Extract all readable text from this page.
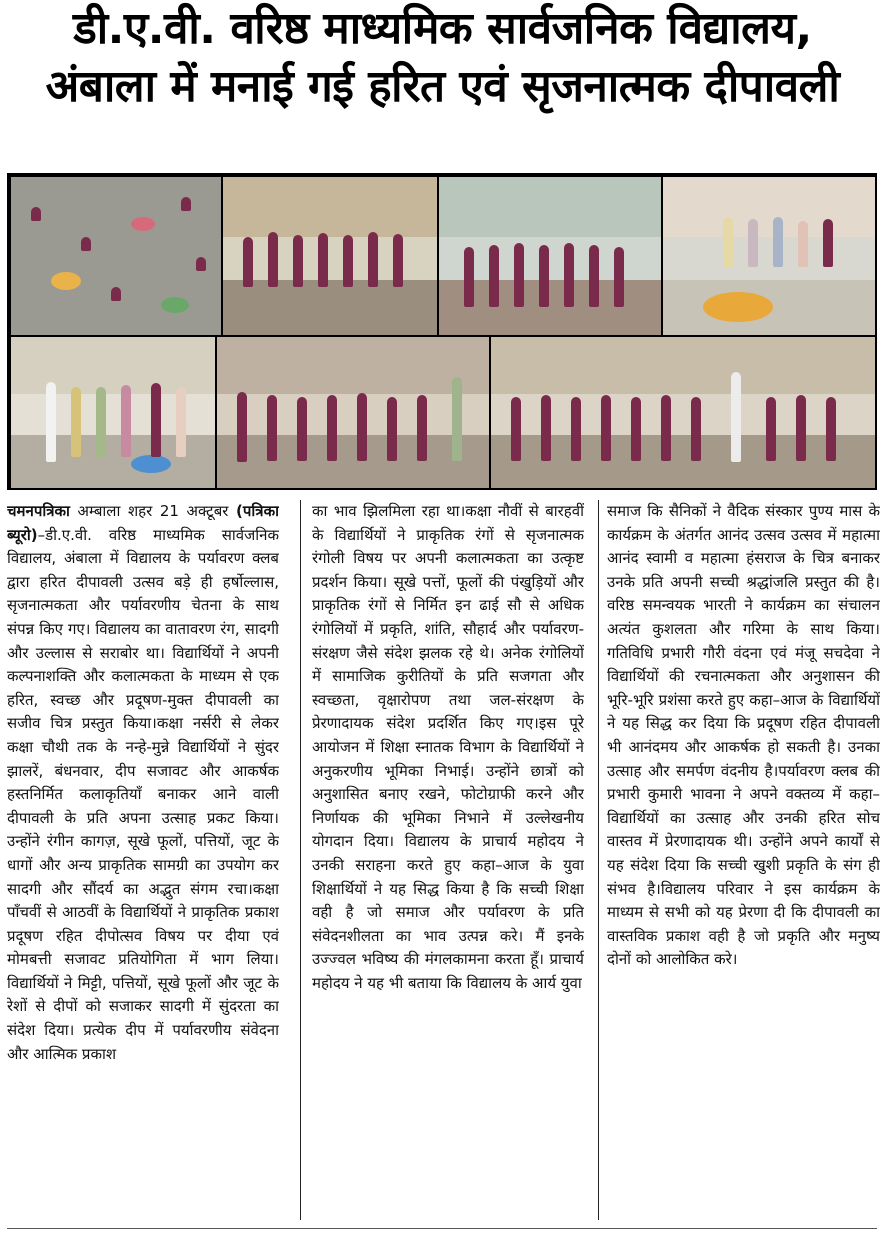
डी.ए.वी. वरिष्ठ माध्यमिक सार्वजनिक विद्यालय,
अंबाला में मनाई गई हरित एवं सृजनात्मक दीपावली
चमनपत्रिका अम्बाला शहर 21 अक्टूबर (पत्रिका ब्यूरो)–डी.ए.वी. वरिष्ठ माध्यमिक सार्वजनिक विद्यालय, अंबाला में विद्यालय के पर्यावरण क्लब द्वारा हरित दीपावली उत्सव बड़े ही हर्षोल्लास, सृजनात्मकता और पर्यावरणीय चेतना के साथ संपन्न किए गए। विद्यालय का वातावरण रंग, सादगी और उल्लास से सराबोर था। विद्यार्थियों ने अपनी कल्पनाशक्ति और कलात्मकता के माध्यम से एक हरित, स्वच्छ और प्रदूषण-मुक्त दीपावली का सजीव चित्र प्रस्तुत किया।कक्षा नर्सरी से लेकर कक्षा चौथी तक के नन्हे-मुन्ने विद्यार्थियों ने सुंदर झालरें, बंधनवार, दीप सजावट और आकर्षक हस्तनिर्मित कलाकृतियाँ बनाकर आने वाली दीपावली के प्रति अपना उत्साह प्रकट किया। उन्होंने रंगीन कागज़, सूखे फूलों, पत्तियों, जूट के धागों और अन्य प्राकृतिक सामग्री का उपयोग कर सादगी और सौंदर्य का अद्भुत संगम रचा।कक्षा पाँचवीं से आठवीं के विद्यार्थियों ने प्राकृतिक प्रकाश प्रदूषण रहित दीपोत्सव विषय पर दीया एवं मोमबत्ती सजावट प्रतियोगिता में भाग लिया। विद्यार्थियों ने मिट्टी, पत्तियों, सूखे फूलों और जूट के रेशों से दीपों को सजाकर सादगी में सुंदरता का संदेश दिया। प्रत्येक दीप में पर्यावरणीय संवेदना और आत्मिक प्रकाश
का भाव झिलमिला रहा था।कक्षा नौवीं से बारहवीं के विद्यार्थियों ने प्राकृतिक रंगों से सृजनात्मक रंगोली विषय पर अपनी कलात्मकता का उत्कृष्ट प्रदर्शन किया। सूखे पत्तों, फूलों की पंखुड़ियों और प्राकृतिक रंगों से निर्मित इन ढाई सौ से अधिक रंगोलियों में प्रकृति, शांति, सौहार्द और पर्यावरण-संरक्षण जैसे संदेश झलक रहे थे। अनेक रंगोलियों में सामाजिक कुरीतियों के प्रति सजगता और स्वच्छता, वृक्षारोपण तथा जल-संरक्षण के प्रेरणादायक संदेश प्रदर्शित किए गए।इस पूरे आयोजन में शिक्षा स्नातक विभाग के विद्यार्थियों ने अनुकरणीय भूमिका निभाई। उन्होंने छात्रों को अनुशासित बनाए रखने, फोटोग्राफी करने और निर्णायक की भूमिका निभाने में उल्लेखनीय योगदान दिया। विद्यालय के प्राचार्य महोदय ने उनकी सराहना करते हुए कहा–आज के युवा शिक्षार्थियों ने यह सिद्ध किया है कि सच्ची शिक्षा वही है जो समाज और पर्यावरण के प्रति संवेदनशीलता का भाव उत्पन्न करे। मैं इनके उज्ज्वल भविष्य की मंगलकामना करता हूँ। प्राचार्य महोदय ने यह भी बताया कि विद्यालय के आर्य युवा
समाज कि सैनिकों ने वैदिक संस्कार पुण्य मास के कार्यक्रम के अंतर्गत आनंद उत्सव उत्सव में महात्मा आनंद स्वामी व महात्मा हंसराज के चित्र बनाकर उनके प्रति अपनी सच्ची श्रद्धांजलि प्रस्तुत की है।वरिष्ठ समन्वयक भारती ने कार्यक्रम का संचालन अत्यंत कुशलता और गरिमा के साथ किया।गतिविधि प्रभारी गौरी वंदना एवं मंजू सचदेवा ने विद्यार्थियों की रचनात्मकता और अनुशासन की भूरि-भूरि प्रशंसा करते हुए कहा–आज के विद्यार्थियों ने यह सिद्ध कर दिया कि प्रदूषण रहित दीपावली भी आनंदमय और आकर्षक हो सकती है। उनका उत्साह और समर्पण वंदनीय है।पर्यावरण क्लब की प्रभारी कुमारी भावना ने अपने वक्तव्य में कहा–विद्यार्थियों का उत्साह और उनकी हरित सोच वास्तव में प्रेरणादायक थी। उन्होंने अपने कार्यों से यह संदेश दिया कि सच्ची खुशी प्रकृति के संग ही संभव है।विद्यालय परिवार ने इस कार्यक्रम के माध्यम से सभी को यह प्रेरणा दी कि दीपावली का वास्तविक प्रकाश वही है जो प्रकृति और मनुष्य दोनों को आलोकित करे।
